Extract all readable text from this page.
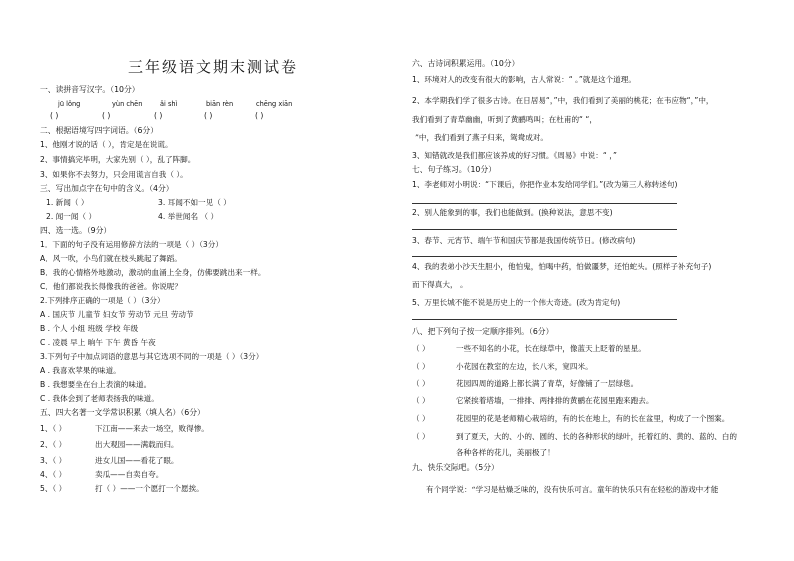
三年级语文期末测试卷
一、读拼音写汉字。（10分）
jū lǒng	yùn chēn	ǎi shì	biān rèn	chēng xiān
( )	( )	( )	( )	( )
二、根据语境写四字词语。（6分）
1、他刚才说的话（ ），肯定是在说谎。
2、事情搞完毕明，大家先别（ ），乱了阵脚。
3、如果你不去努力，只会用谎言自我（ ）。
三、写出加点字在句中的含义。（4分）
1. 新闻（ ）	3. 耳闻不如一见（ ）
2. 闻一闻（ ）	4. 举世闻名 （ ）
四、选一选。（9分）
1．下面的句子没有运用修辞方法的一项是（ ）（3分）
A．风一吹，小鸟们就在枝头跳起了舞蹈。
B．我的心情格外地激动，激动的血涌上全身，仿佛要跳出来一样。
C．他们都说我长得像我的爸爸。你说呢？
2.下列排序正确的一项是（ ）（3分）
A . 国庆节 儿童节 妇女节 劳动节 元旦 劳动节
B . 个人 小组 班级 学校 年级
C . 凌晨 早上 晌午 下午 黄昏 午夜
3.下列句子中加点词语的意思与其它选项不同的一项是（ ）（3分）
A . 我喜欢苹果的味道。
B . 我想要坐在台上表演的味道。
C . 我体会到了老师表扬我的味道。
五、四大名著一文学常识积累（填人名）（6分）
1、（ ）	下江南——来去一场空，败得惨。
2、（ ）	出大观园——满载而归。
3、（ ）	进女儿国——看花了眼。
4、（ ）	卖瓜——自卖自夸。
5、（ ）	打（ ）——一个愿打一个愿挨。
六、古诗词积累运用。（10分）
1、环境对人的改变有很大的影响，古人常说：“ 。”就是这个道理。
2、本学期我们学了很多古诗。在日居易“，”中，我们看到了美丽的桃花；在韦应物“，”中，
我们看到了青草幽幽，听到了黄鹂鸣叫；在杜甫的“ “，
”中，我们看到了燕子归来，鸳鸯成对。
3、知错就改是我们都应该养成的好习惯。《周易》中说：“ ，”
七、句子练习。（10分）
1、李老师对小明说：“下课后，你把作业本发给同学们。”(改为第三人称转述句)
2、别人能象到的事，我们也能做到。(换种说法，意思不变)
3、春节、元宵节、端午节和国庆节都是我国传统节日。(修改病句)
4、我的表弟小沙天生胆小，他怕鬼，怕喝中药，怕做噩梦，还怕蛇头。(照样子补充句子)
而下得真大， 。
5、万里长城不能不说是历史上的一个伟大奇迹。(改为肯定句)
八、把下列句子按一定顺序排列。（6分）
（ ）	一些不知名的小花，长在绿草中，像蓝天上眨着的星星。
（ ）	小花园在教室的左边，长八米，宽四米。
（ ）	花园四周的道路上都长满了青草，好像铺了一层绿毯。
（ ）	它紧挨着塔墙，一排排、两排排的黄鹂在花园里跑来跑去。
（ ）	花园里的花是老师精心栽培的，有的长在地上，有的长在盆里，构成了一个图案。
（ ）	到了夏天，大的、小的、圆的、长的各种形状的绿叶，托着红的、黄的、蓝的、白的
各种各样的花儿，美丽极了！
九、快乐交际吧。（5分）
有个同学说：“学习是枯燥乏味的，没有快乐可言。童年的快乐只有在轻松的游戏中才能
